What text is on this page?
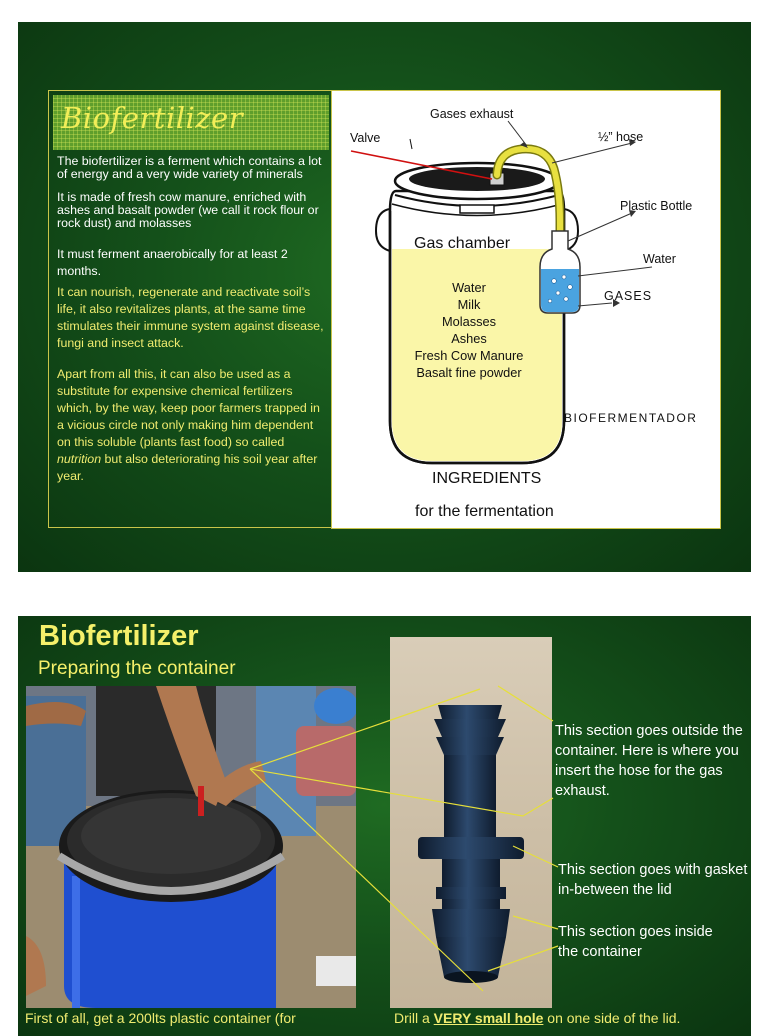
Biofertilizer

The biofertilizer is a ferment which contains a lot of energy and a very wide variety of minerals

It is made of fresh cow manure, enriched with ashes and basalt powder (we call it rock flour or rock dust) and molasses

It must ferment anaerobically for at least 2 months.

It can nourish, regenerate and reactivate soil’s life, it also revitalizes plants, at the same time stimulates their immune system against disease, fungi and insect attack.

Apart from all this, it can also be used as a substitute for expensive chemical fertilizers which, by the way, keep poor farmers trapped in a vicious circle not only making him dependent on this soluble (plants fast food) so called nutrition but also deteriorating his soil year after year.

Gases exhaust
Valve	½” hose
Plastic Bottle
Gas chamber
Water
GASES
BIOFERMENTADOR
Water
Milk
Molasses
Ashes
Fresh Cow Manure
Basalt fine powder
INGREDIENTS
for the fermentation
Biofertilizer
Preparing the container
This section goes outside the container. Here is where you insert the hose for the gas exhaust.
This section goes with gasket in-between the lid
This section goes inside the container
First of all, get a 200lts plastic container (for	Drill a VERY small hole on one side of the lid.
